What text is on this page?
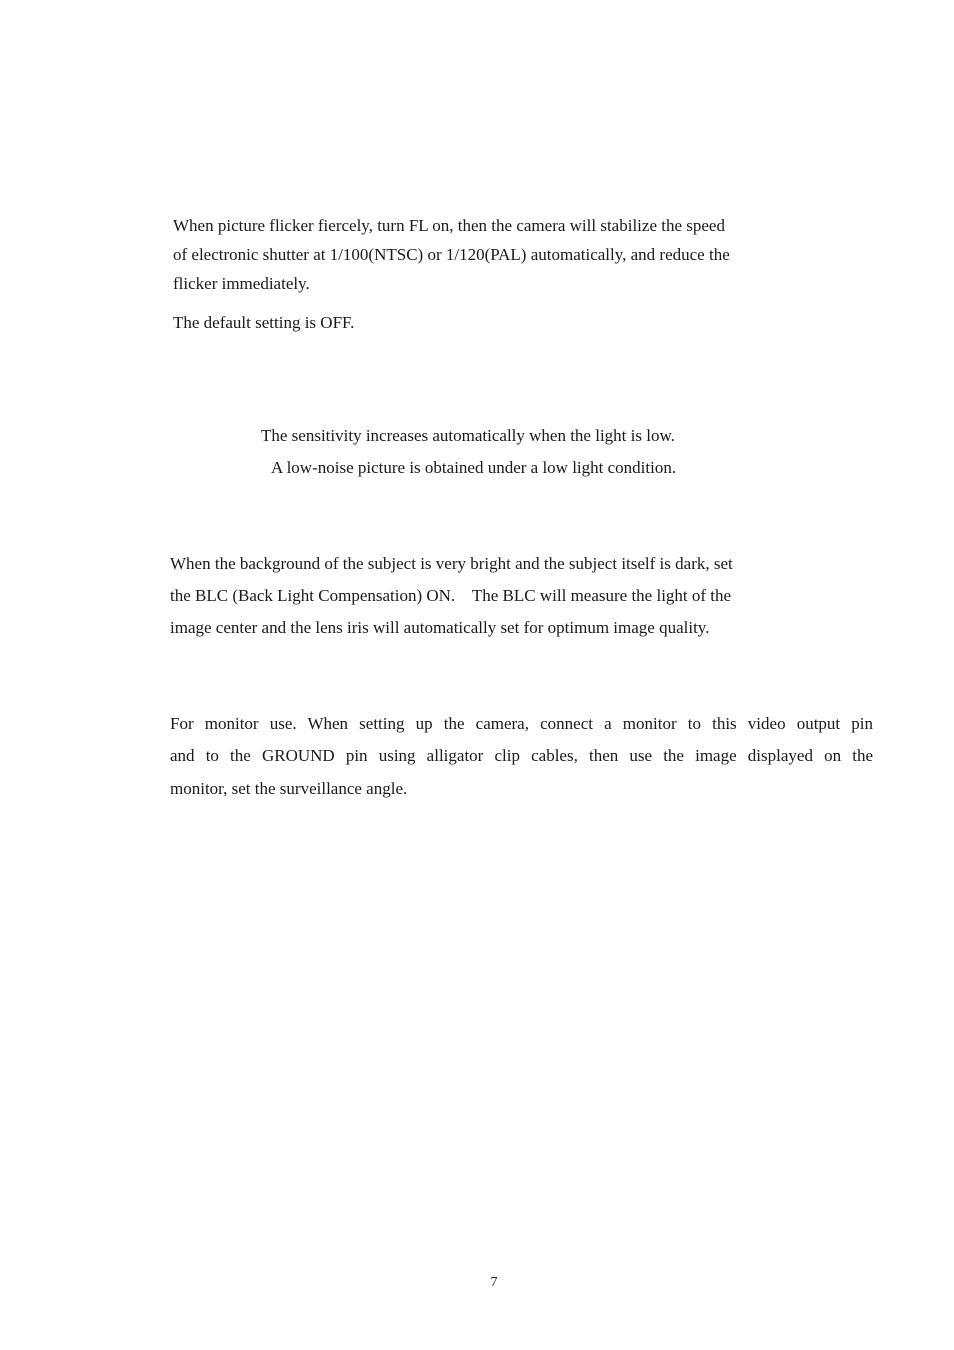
When picture flicker fiercely, turn FL on, then the camera will stabilize the speed

of electronic shutter at 1/100(NTSC) or 1/120(PAL) automatically, and reduce the

flicker immediately.

The default setting is OFF.

The sensitivity increases automatically when the light is low.

A low-noise picture is obtained under a low light condition.

When the background of the subject is very bright and the subject itself is dark, set

the BLC (Back Light Compensation) ON.    The BLC will measure the light of the

image center and the lens iris will automatically set for optimum image quality.

For monitor use. When setting up the camera, connect a monitor to this video output pin

and to the GROUND pin using alligator clip cables, then use the image displayed on the

monitor, set the surveillance angle.

7
